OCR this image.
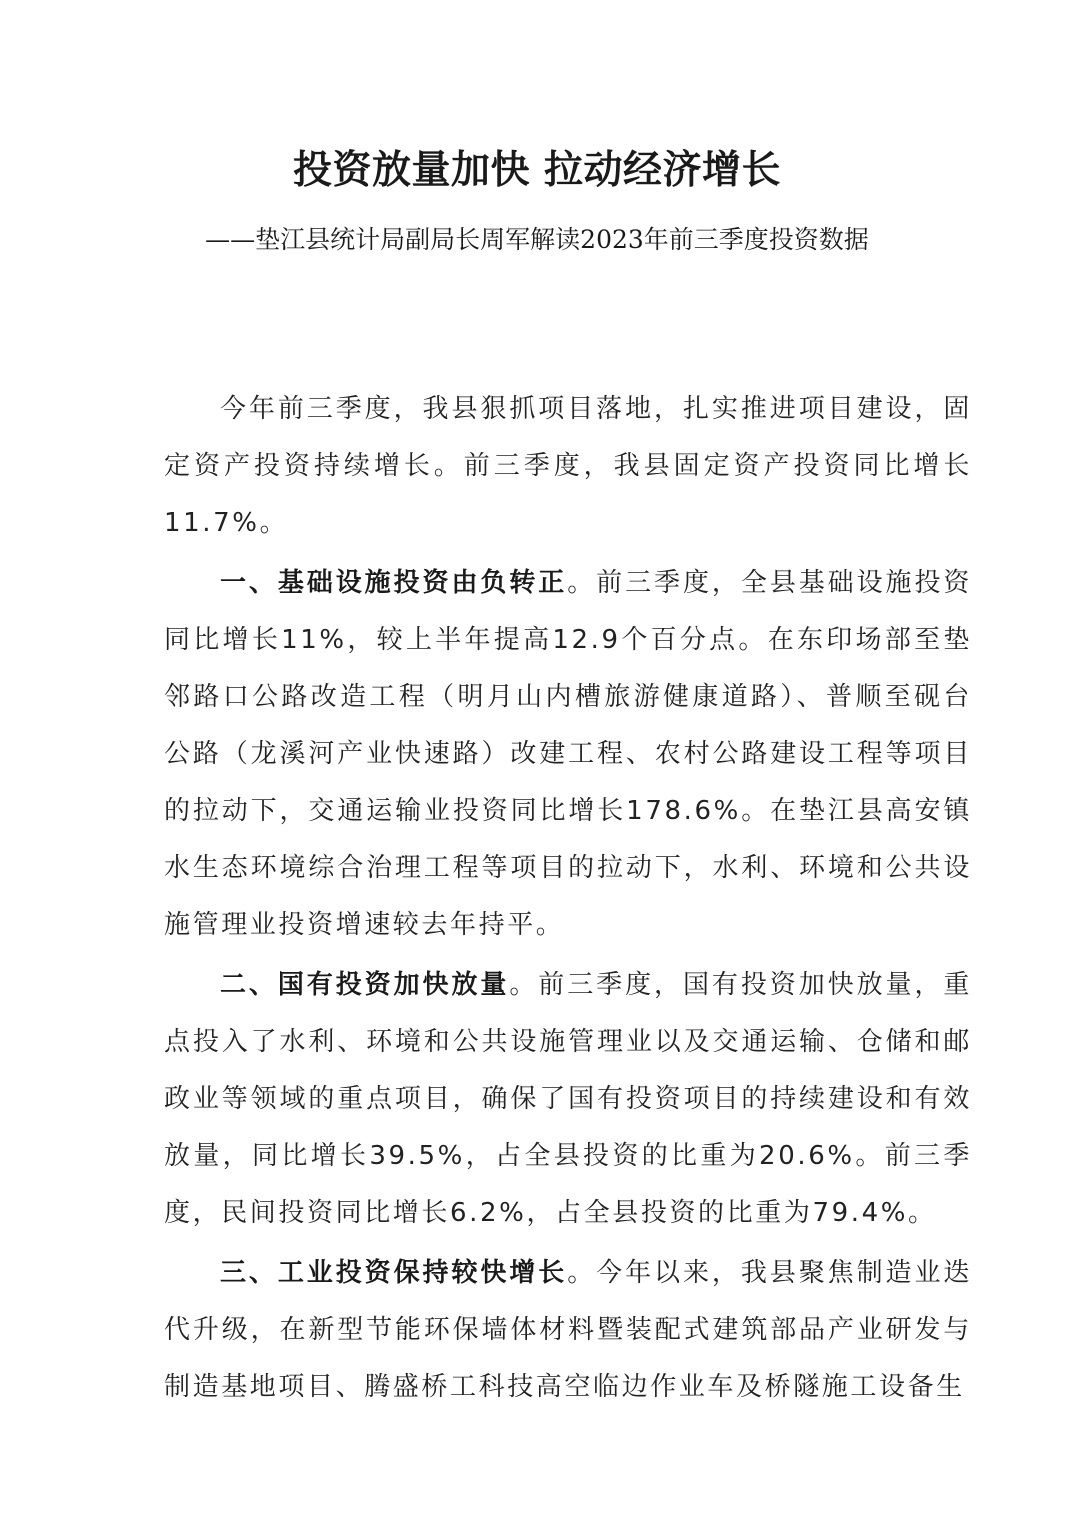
投资放量加快 拉动经济增长

——垫江县统计局副局长周军解读2023年前三季度投资数据

今年前三季度，我县狠抓项目落地，扎实推进项目建设，固定资产投资持续增长。前三季度，我县固定资产投资同比增长11.7%。

一、基础设施投资由负转正。前三季度，全县基础设施投资同比增长11%，较上半年提高12.9个百分点。在东印场部至垫邻路口公路改造工程（明月山内槽旅游健康道路）、普顺至砚台公路（龙溪河产业快速路）改建工程、农村公路建设工程等项目的拉动下，交通运输业投资同比增长178.6%。在垫江县高安镇水生态环境综合治理工程等项目的拉动下，水利、环境和公共设施管理业投资增速较去年持平。

二、国有投资加快放量。前三季度，国有投资加快放量，重点投入了水利、环境和公共设施管理业以及交通运输、仓储和邮政业等领域的重点项目，确保了国有投资项目的持续建设和有效放量，同比增长39.5%，占全县投资的比重为20.6%。前三季度，民间投资同比增长6.2%，占全县投资的比重为79.4%。

三、工业投资保持较快增长。今年以来，我县聚焦制造业迭代升级，在新型节能环保墙体材料暨装配式建筑部品产业研发与制造基地项目、腾盛桥工科技高空临边作业车及桥隧施工设备生
